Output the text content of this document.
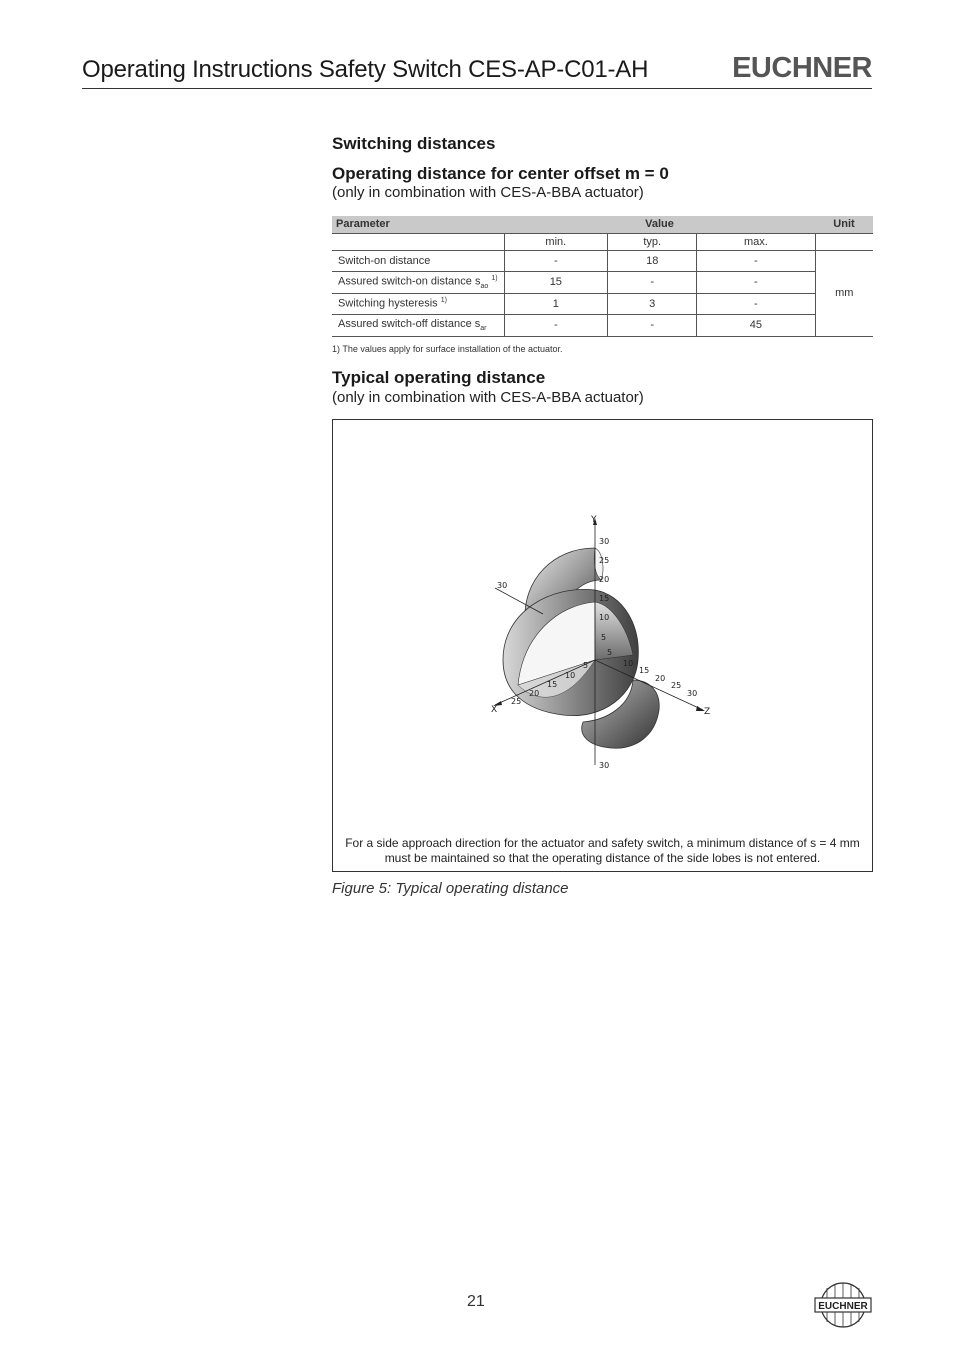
Operating Instructions Safety Switch CES-AP-C01-AH	EUCHNER
Switching distances
Operating distance for center offset m = 0
(only in combination with CES-A-BBA actuator)
Parameter	Value			Unit
	min.	typ.	max.	
Switch-on distance	-	18	-	mm
Assured switch-on distance $s_{ao}$ $^{1)}$	15	-	-	
Switching hysteresis $^{1)}$	1	3	-	
Assured switch-off distance $s_{ar}$	-	-	45	
1) The values apply for surface installation of the actuator.
Typical operating distance
(only in combination with CES-A-BBA actuator)
Y
Z
X
30
30
30
25
20
15
10
5
5
10
15
20
25
30
5
10
15
20
25
For a side approach direction for the actuator and safety switch, a minimum distance of s = 4 mm must be maintained so that the operating distance of the side lobes is not entered.
Figure 5: Typical operating distance
21	EUCHNER
